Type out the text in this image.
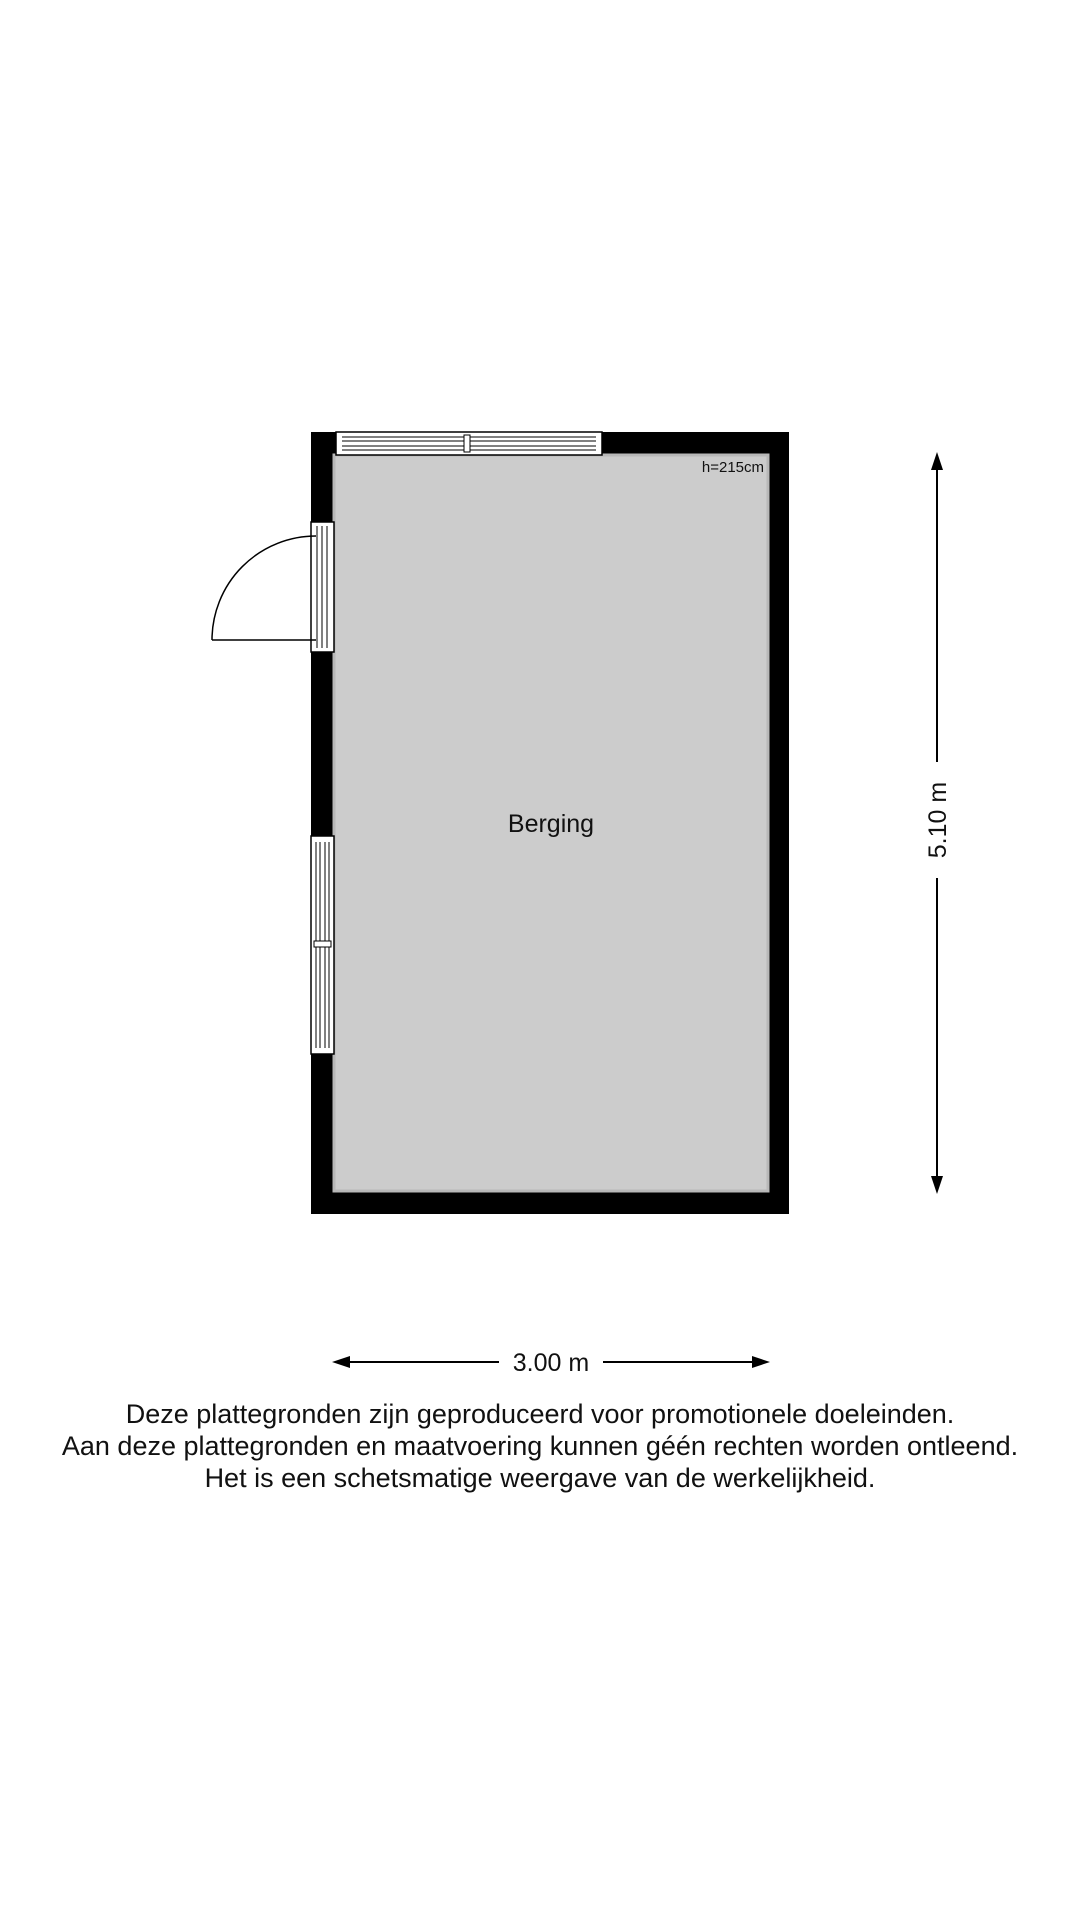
Berging
h=215cm
5.10 m
3.00 m
Deze plattegronden zijn geproduceerd voor promotionele doeleinden.
Aan deze plattegronden en maatvoering kunnen géén rechten worden ontleend.
Het is een schetsmatige weergave van de werkelijkheid.
